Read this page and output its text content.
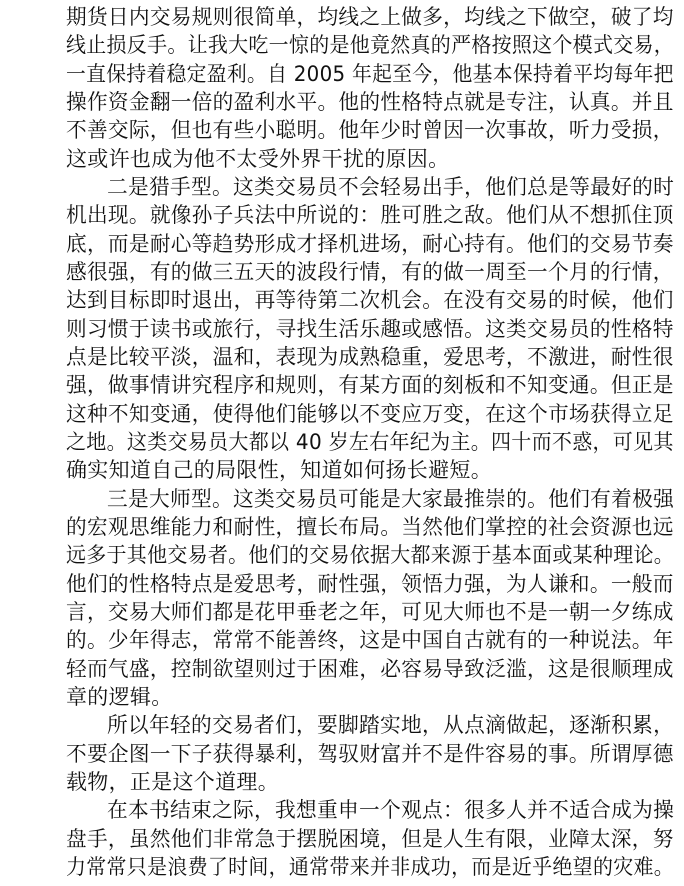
期货日内交易规则很简单，均线之上做多，均线之下做空，破了均
线止损反手。让我大吃一惊的是他竟然真的严格按照这个模式交易，
一直保持着稳定盈利。自 2005 年起至今，他基本保持着平均每年把
操作资金翻一倍的盈利水平。他的性格特点就是专注，认真。并且
不善交际，但也有些小聪明。他年少时曾因一次事故，听力受损，
这或许也成为他不太受外界干扰的原因。
二是猎手型。这类交易员不会轻易出手，他们总是等最好的时
机出现。就像孙子兵法中所说的：胜可胜之敌。他们从不想抓住顶
底，而是耐心等趋势形成才择机进场，耐心持有。他们的交易节奏
感很强，有的做三五天的波段行情，有的做一周至一个月的行情，
达到目标即时退出，再等待第二次机会。在没有交易的时候，他们
则习惯于读书或旅行，寻找生活乐趣或感悟。这类交易员的性格特
点是比较平淡，温和，表现为成熟稳重，爱思考，不激进，耐性很
强，做事情讲究程序和规则，有某方面的刻板和不知变通。但正是
这种不知变通，使得他们能够以不变应万变，在这个市场获得立足
之地。这类交易员大都以 40 岁左右年纪为主。四十而不惑，可见其
确实知道自己的局限性，知道如何扬长避短。
三是大师型。这类交易员可能是大家最推崇的。他们有着极强
的宏观思维能力和耐性，擅长布局。当然他们掌控的社会资源也远
远多于其他交易者。他们的交易依据大都来源于基本面或某种理论。
他们的性格特点是爱思考，耐性强，领悟力强，为人谦和。一般而
言，交易大师们都是花甲垂老之年，可见大师也不是一朝一夕练成
的。少年得志，常常不能善终，这是中国自古就有的一种说法。年
轻而气盛，控制欲望则过于困难，必容易导致泛滥，这是很顺理成
章的逻辑。
所以年轻的交易者们，要脚踏实地，从点滴做起，逐渐积累，
不要企图一下子获得暴利，驾驭财富并不是件容易的事。所谓厚德
载物，正是这个道理。
在本书结束之际，我想重申一个观点：很多人并不适合成为操
盘手，虽然他们非常急于摆脱困境，但是人生有限，业障太深，努
力常常只是浪费了时间，通常带来并非成功，而是近乎绝望的灾难。
